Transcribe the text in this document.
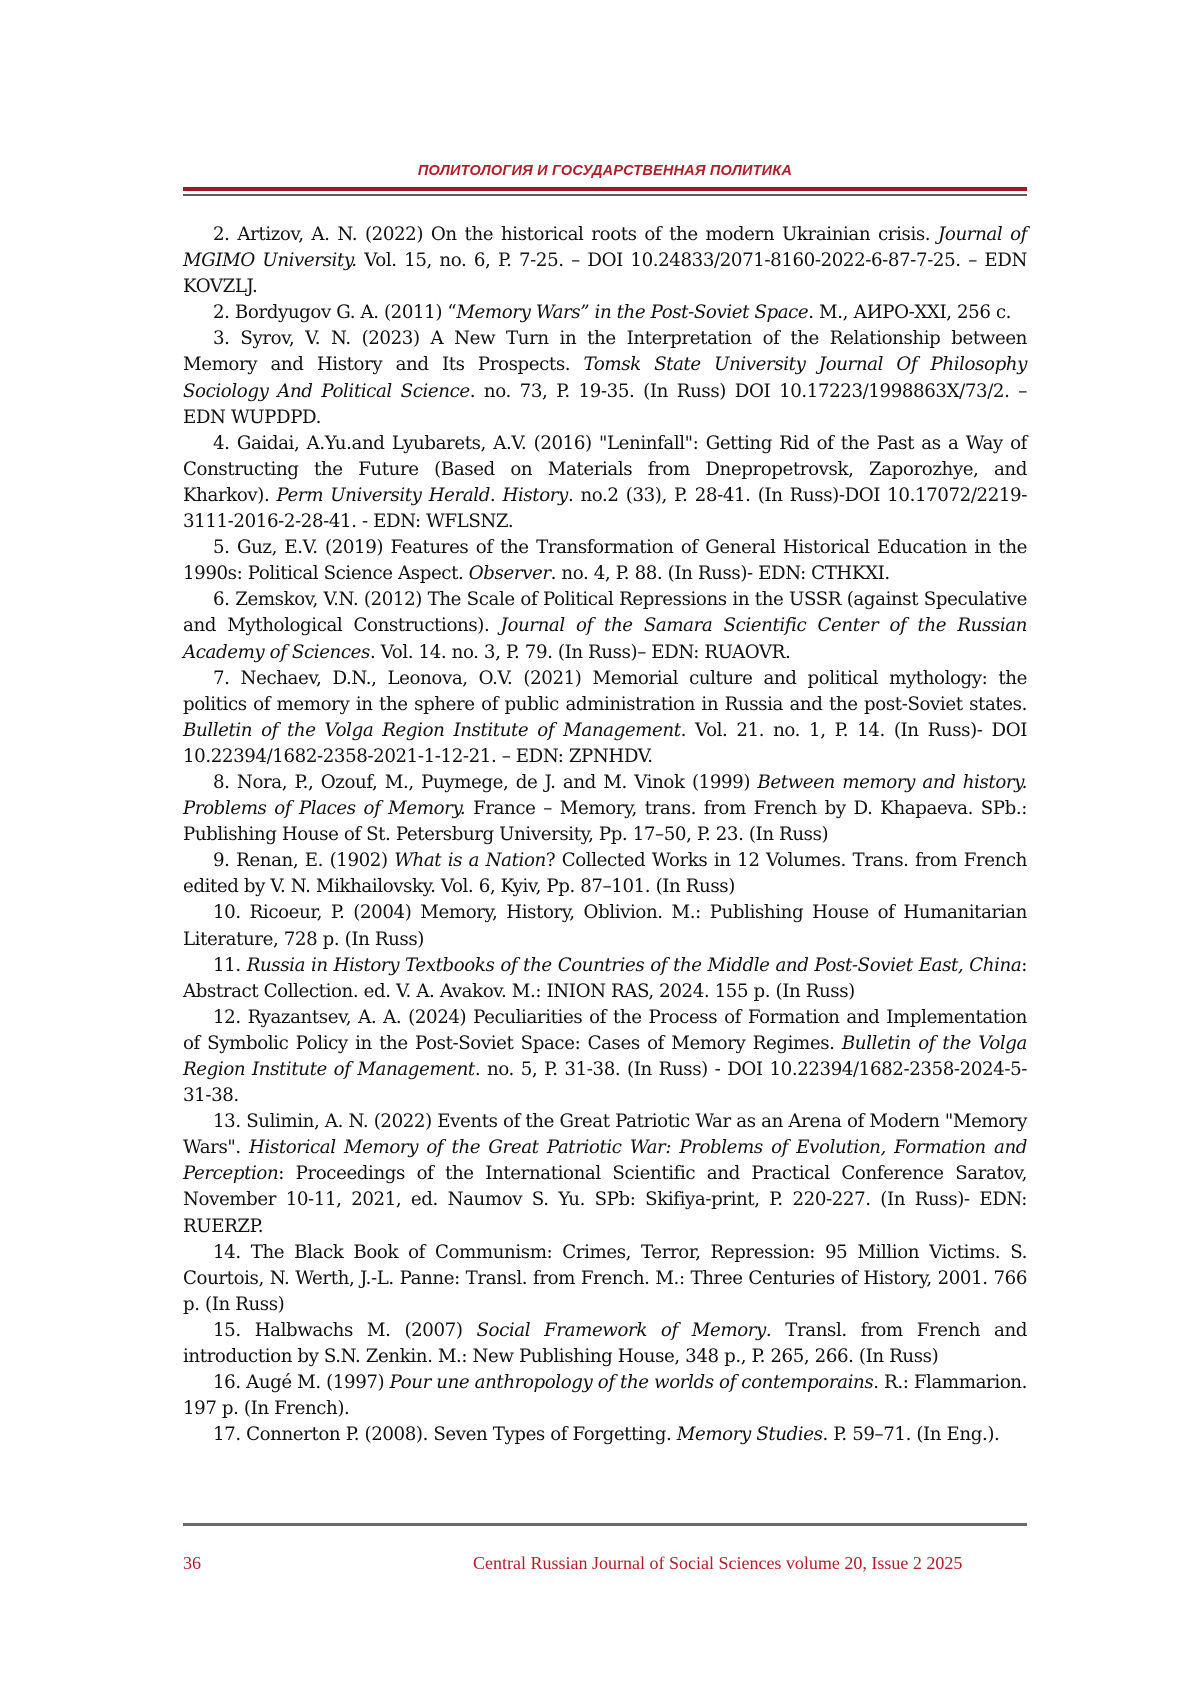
ПОЛИТОЛОГИЯ И ГОСУДАРСТВЕННАЯ ПОЛИТИКА

2. Artizov, A. N. (2022) On the historical roots of the modern Ukrainian crisis. Journal of MGIMO University. Vol. 15, no. 6, P. 7-25. – DOI 10.24833/2071-8160-2022-6-87-7-25. – EDN KOVZLJ.

2. Bordyugov G. A. (2011) “Memory Wars” in the Post-Soviet Space. M., АИРО-XXI, 256 c.

3. Syrov, V. N. (2023) A New Turn in the Interpretation of the Relationship between Memory and History and Its Prospects. Tomsk State University Journal Of Philosophy Sociology And Political Science. no. 73, P. 19-35. (In Russ) DOI 10.17223/1998863X/73/2. – EDN WUPDPD.

4. Gaidai, A.Yu.and Lyubarets, A.V. (2016) "Leninfall": Getting Rid of the Past as a Way of Constructing the Future (Based on Materials from Dnepropetrovsk, Zaporozhye, and Kharkov). Perm University Herald. History. no.2 (33), P. 28-41. (In Russ)-DOI 10.17072/2219-3111-2016-2-28-41. - EDN: WFLSNZ.

5. Guz, E.V. (2019) Features of the Transformation of General Historical Education in the 1990s: Political Science Aspect. Observer. no. 4, P. 88. (In Russ)- EDN: CTHKXI.

6. Zemskov, V.N. (2012) The Scale of Political Repressions in the USSR (against Speculative and Mythological Constructions). Journal of the Samara Scientific Center of the Russian Academy of Sciences. Vol. 14. no. 3, P. 79. (In Russ)– EDN: RUAOVR.

7. Nechaev, D.N., Leonova, O.V. (2021) Memorial culture and political mythology: the politics of memory in the sphere of public administration in Russia and the post-Soviet states. Bulletin of the Volga Region Institute of Management. Vol. 21. no. 1, P. 14. (In Russ)- DOI 10.22394/1682-2358-2021-1-12-21. – EDN: ZPNHDV.

8. Nora, P., Ozouf, M., Puymege, de J. and M. Vinok (1999) Between memory and history. Problems of Places of Memory. France – Memory, trans. from French by D. Khapaeva. SPb.: Publishing House of St. Petersburg University, Pp. 17–50, P. 23. (In Russ)

9. Renan, E. (1902) What is a Nation? Collected Works in 12 Volumes. Trans. from French edited by V. N. Mikhailovsky. Vol. 6, Kyiv, Pp. 87–101. (In Russ)

10. Ricoeur, P. (2004) Memory, History, Oblivion. M.: Publishing House of Humanitarian Literature, 728 p. (In Russ)

11. Russia in History Textbooks of the Countries of the Middle and Post-Soviet East, China: Abstract Collection. ed. V. A. Avakov. M.: INION RAS, 2024. 155 p. (In Russ)

12. Ryazantsev, A. A. (2024) Peculiarities of the Process of Formation and Implementation of Symbolic Policy in the Post-Soviet Space: Cases of Memory Regimes. Bulletin of the Volga Region Institute of Management. no. 5, P. 31-38. (In Russ) - DOI 10.22394/1682-2358-2024-5-31-38.

13. Sulimin, A. N. (2022) Events of the Great Patriotic War as an Arena of Modern "Memory Wars". Historical Memory of the Great Patriotic War: Problems of Evolution, Formation and Perception: Proceedings of the International Scientific and Practical Conference Saratov, November 10-11, 2021, ed. Naumov S. Yu. SPb: Skifiya-print, P. 220-227. (In Russ)- EDN: RUERZP.

14. The Black Book of Communism: Crimes, Terror, Repression: 95 Million Victims. S. Courtois, N. Werth, J.-L. Panne: Transl. from French. M.: Three Centuries of History, 2001. 766 p. (In Russ)

15. Halbwachs M. (2007) Social Framework of Memory. Transl. from French and introduction by S.N. Zenkin. M.: New Publishing House, 348 p., P. 265, 266. (In Russ)

16. Augé M. (1997) Pour une anthropology of the worlds of contemporains. R.: Flammarion. 197 p. (In French).

17. Connerton P. (2008). Seven Types of Forgetting. Memory Studies. P. 59–71. (In Eng.).

36	Central Russian Journal of Social Sciences volume 20, Issue 2 2025
